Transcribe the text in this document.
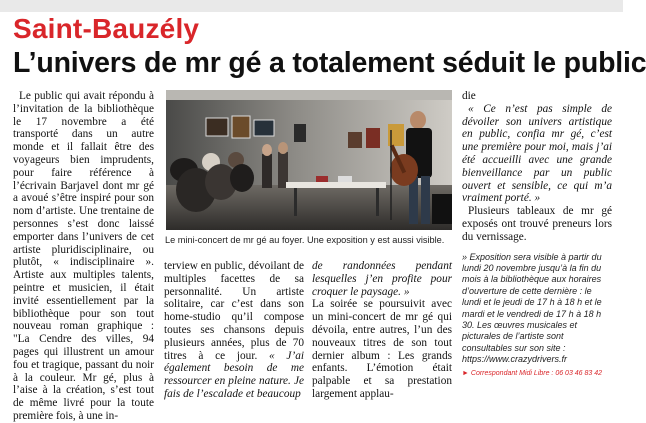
Saint-Bauzély
L’univers de mr gé a totalement séduit le public

Le public qui avait répondu à l’invitation de la bibliothèque le 17 novembre a été transporté dans un autre monde et il fallait être des voyageurs bien imprudents, pour faire référence à l’écrivain Barjavel dont mr gé a avoué s’être inspiré pour son nom d’artiste. Une trentaine de personnes s’est donc laissé emporter dans l’univers de cet artiste pluridisciplinaire, ou plutôt, « indisciplinaire ». Artiste aux multiples talents, peintre et musicien, il était invité essentiellement par la bibliothèque pour son tout nouveau roman graphique : "La Cendre des villes, 94 pages qui illustrent un amour fou et tragique, passant du noir à la couleur. Mr gé, plus à l’aise à la création, s’est tout de même livré pour la toute première fois, à une in-

Le mini-concert de mr gé au foyer. Une exposition y est aussi visible.

terview en public, dévoilant de multiples facettes de sa personnalité. Un artiste solitaire, car c’est dans son home-studio qu’il compose toutes ses chansons depuis plusieurs années, plus de 70 titres à ce jour. « J’ai également besoin de me ressourcer en pleine nature. Je fais de l’escalade et beaucoup

de randonnées pendant lesquelles j’en profite pour croquer le paysage. »

La soirée se poursuivit avec un mini-concert de mr gé qui dévoila, entre autres, l’un des nouveaux titres de son tout dernier album : Les grands enfants. L’émotion était palpable et sa prestation largement applau-

die

« Ce n’est pas simple de dévoiler son univers artistique en public, confia mr gé, c’est une première pour moi, mais j’ai été accueilli avec une grande bienveillance par un public ouvert et sensible, ce qui m’a vraiment porté. »

Plusieurs tableaux de mr gé exposés ont trouvé preneurs lors du vernissage.

» Exposition sera visible à partir du lundi 20 novembre jusqu’à la fin du mois à la bibliothèque aux horaires d’ouverture de cette dernière : le lundi et le jeudi de 17 h à 18 h et le mardi et le vendredi de 17 h à 18 h 30. Les œuvres musicales et picturales de l’artiste sont consultables sur son site : https://www.crazydrivers.fr

► Correspondant Midi Libre : 06 03 46 83 42
